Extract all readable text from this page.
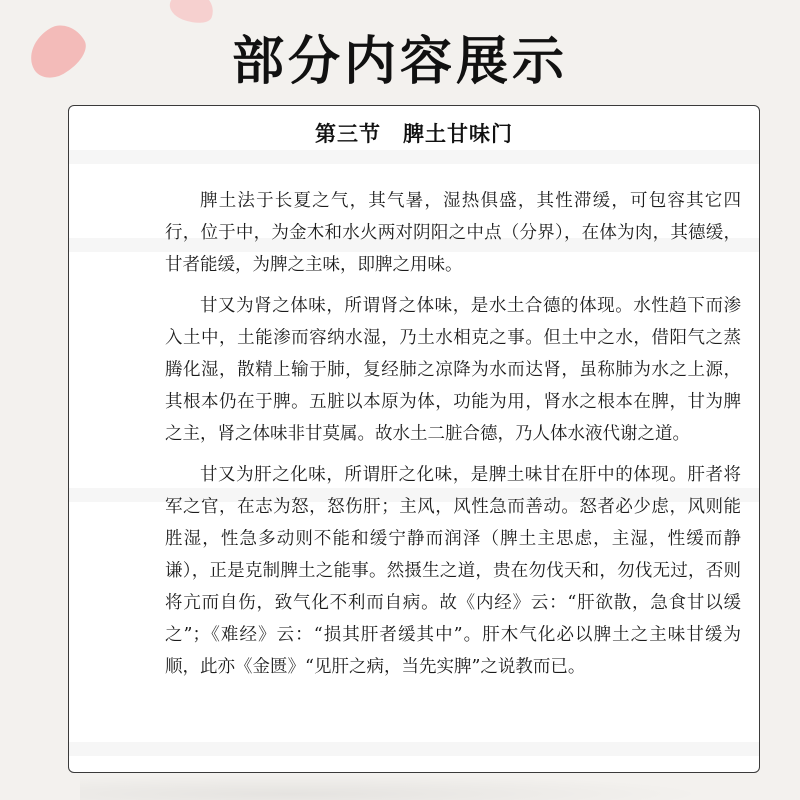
部分内容展示
第三节　脾土甘味门

脾土法于长夏之气，其气暑，湿热俱盛，其性滞缓，可包容其它四行，位于中，为金木和水火两对阴阳之中点（分界），在体为肉，其德缓，甘者能缓，为脾之主味，即脾之用味。

甘又为肾之体味，所谓肾之体味，是水土合德的体现。水性趋下而渗入土中，土能渗而容纳水湿，乃土水相克之事。但土中之水，借阳气之蒸腾化湿，散精上输于肺，复经肺之凉降为水而达肾，虽称肺为水之上源，其根本仍在于脾。五脏以本原为体，功能为用，肾水之根本在脾，甘为脾之主，肾之体味非甘莫属。故水土二脏合德，乃人体水液代谢之道。

甘又为肝之化味，所谓肝之化味，是脾土味甘在肝中的体现。肝者将军之官，在志为怒，怒伤肝；主风，风性急而善动。怒者必少虑，风则能胜湿，性急多动则不能和缓宁静而润泽（脾土主思虑，主湿，性缓而静谦），正是克制脾土之能事。然摄生之道，贵在勿伐天和，勿伐无过，否则将亢而自伤，致气化不利而自病。故《内经》云：“肝欲散，急食甘以缓之”；《难经》云：“损其肝者缓其中”。肝木气化必以脾土之主味甘缓为顺，此亦《金匮》“见肝之病，当先实脾”之说教而已。
